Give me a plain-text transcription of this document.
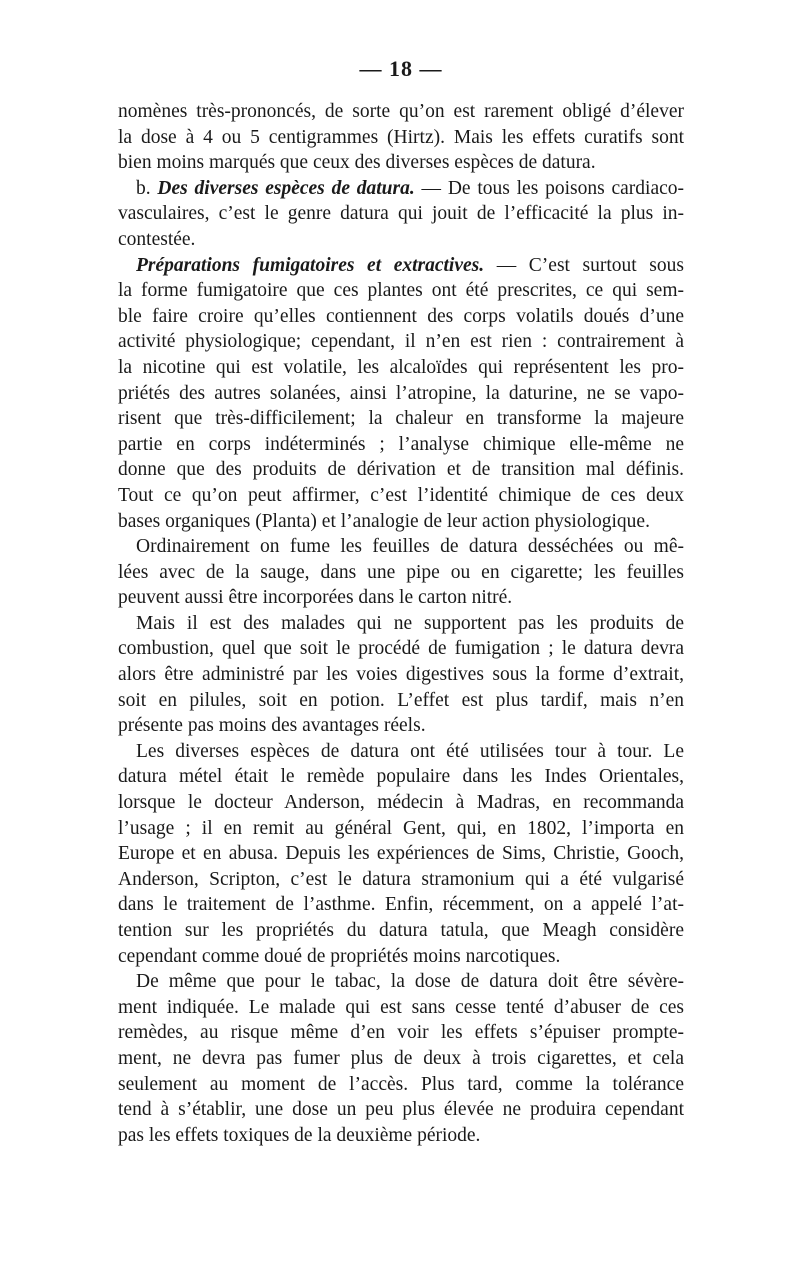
— 18 —
nomènes très-prononcés, de sorte qu’on est rarement obligé d’élever
la dose à 4 ou 5 centigrammes (Hirtz). Mais les effets curatifs sont
bien moins marqués que ceux des diverses espèces de datura.
b. Des diverses espèces de datura. — De tous les poisons cardiaco-
vasculaires, c’est le genre datura qui jouit de l’efficacité la plus in-
contestée.
Préparations fumigatoires et extractives. — C’est surtout sous
la forme fumigatoire que ces plantes ont été prescrites, ce qui sem-
ble faire croire qu’elles contiennent des corps volatils doués d’une
activité physiologique; cependant, il n’en est rien : contrairement à
la nicotine qui est volatile, les alcaloïdes qui représentent les pro-
priétés des autres solanées, ainsi l’atropine, la daturine, ne se vapo-
risent que très-difficilement; la chaleur en transforme la majeure
partie en corps indéterminés ; l’analyse chimique elle-même ne
donne que des produits de dérivation et de transition mal définis.
Tout ce qu’on peut affirmer, c’est l’identité chimique de ces deux
bases organiques (Planta) et l’analogie de leur action physiologique.
Ordinairement on fume les feuilles de datura desséchées ou mê-
lées avec de la sauge, dans une pipe ou en cigarette; les feuilles
peuvent aussi être incorporées dans le carton nitré.
Mais il est des malades qui ne supportent pas les produits de
combustion, quel que soit le procédé de fumigation ; le datura devra
alors être administré par les voies digestives sous la forme d’extrait,
soit en pilules, soit en potion. L’effet est plus tardif, mais n’en
présente pas moins des avantages réels.
Les diverses espèces de datura ont été utilisées tour à tour. Le
datura métel était le remède populaire dans les Indes Orientales,
lorsque le docteur Anderson, médecin à Madras, en recommanda
l’usage ; il en remit au général Gent, qui, en 1802, l’importa en
Europe et en abusa. Depuis les expériences de Sims, Christie, Gooch,
Anderson, Scripton, c’est le datura stramonium qui a été vulgarisé
dans le traitement de l’asthme. Enfin, récemment, on a appelé l’at-
tention sur les propriétés du datura tatula, que Meagh considère
cependant comme doué de propriétés moins narcotiques.
De même que pour le tabac, la dose de datura doit être sévère-
ment indiquée. Le malade qui est sans cesse tenté d’abuser de ces
remèdes, au risque même d’en voir les effets s’épuiser prompte-
ment, ne devra pas fumer plus de deux à trois cigarettes, et cela
seulement au moment de l’accès. Plus tard, comme la tolérance
tend à s’établir, une dose un peu plus élevée ne produira cependant
pas les effets toxiques de la deuxième période.
